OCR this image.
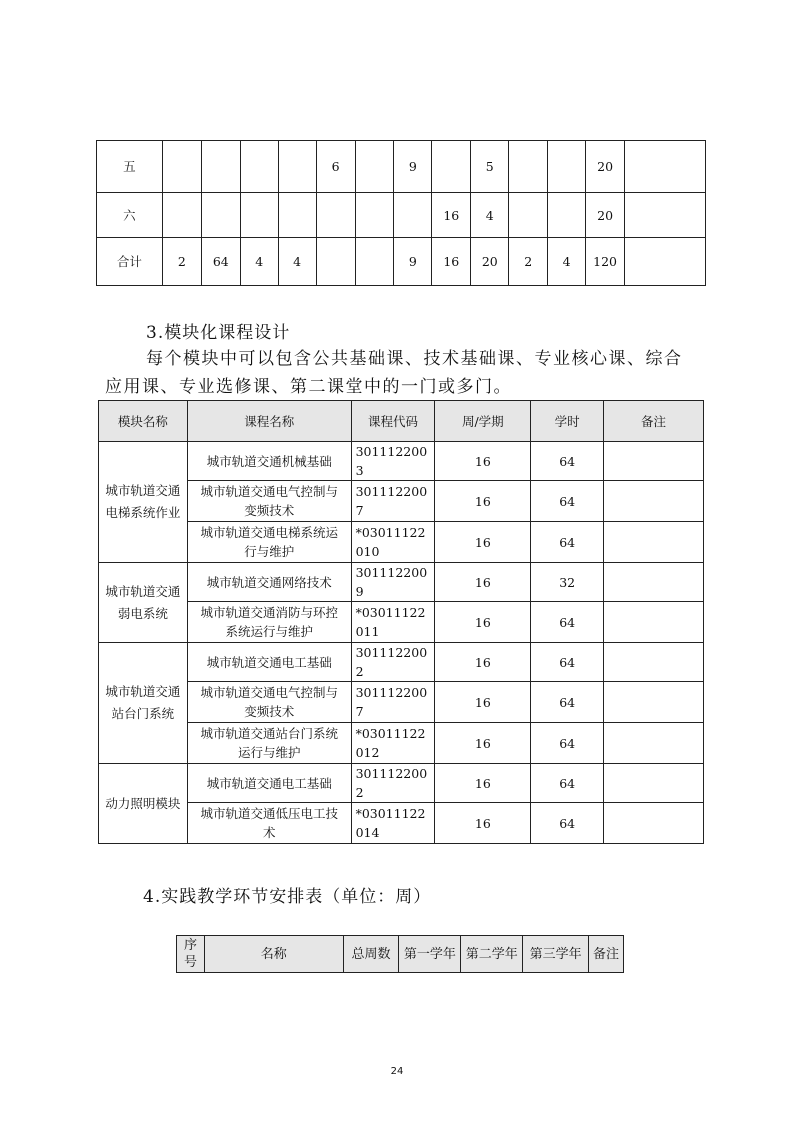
五					6		9		5			20	
六								16	4			20	
合计	2	64	4	4			9	16	20	2	4	120	
3.模块化课程设计
每个模块中可以包含公共基础课、技术基础课、专业核心课、综合应用课、专业选修课、第二课堂中的一门或多门。
模块名称	课程名称	课程代码	周/学期	学时	备注
城市轨道交通电梯系统作业	城市轨道交通机械基础	3011122003	16	64	
	城市轨道交通电气控制与变频技术	3011122007	16	64	
	城市轨道交通电梯系统运行与维护	*03011122010	16	64	
城市轨道交通弱电系统	城市轨道交通网络技术	3011122009	16	32	
	城市轨道交通消防与环控系统运行与维护	*03011122011	16	64	
城市轨道交通站台门系统	城市轨道交通电工基础	3011122002	16	64	
	城市轨道交通电气控制与变频技术	3011122007	16	64	
	城市轨道交通站台门系统运行与维护	*03011122012	16	64	
动力照明模块	城市轨道交通电工基础	3011122002	16	64	
	城市轨道交通低压电工技术	*03011122014	16	64	
4.实践教学环节安排表（单位：周）
序号	名称	总周数	第一学年	第二学年	第三学年	备注
24
